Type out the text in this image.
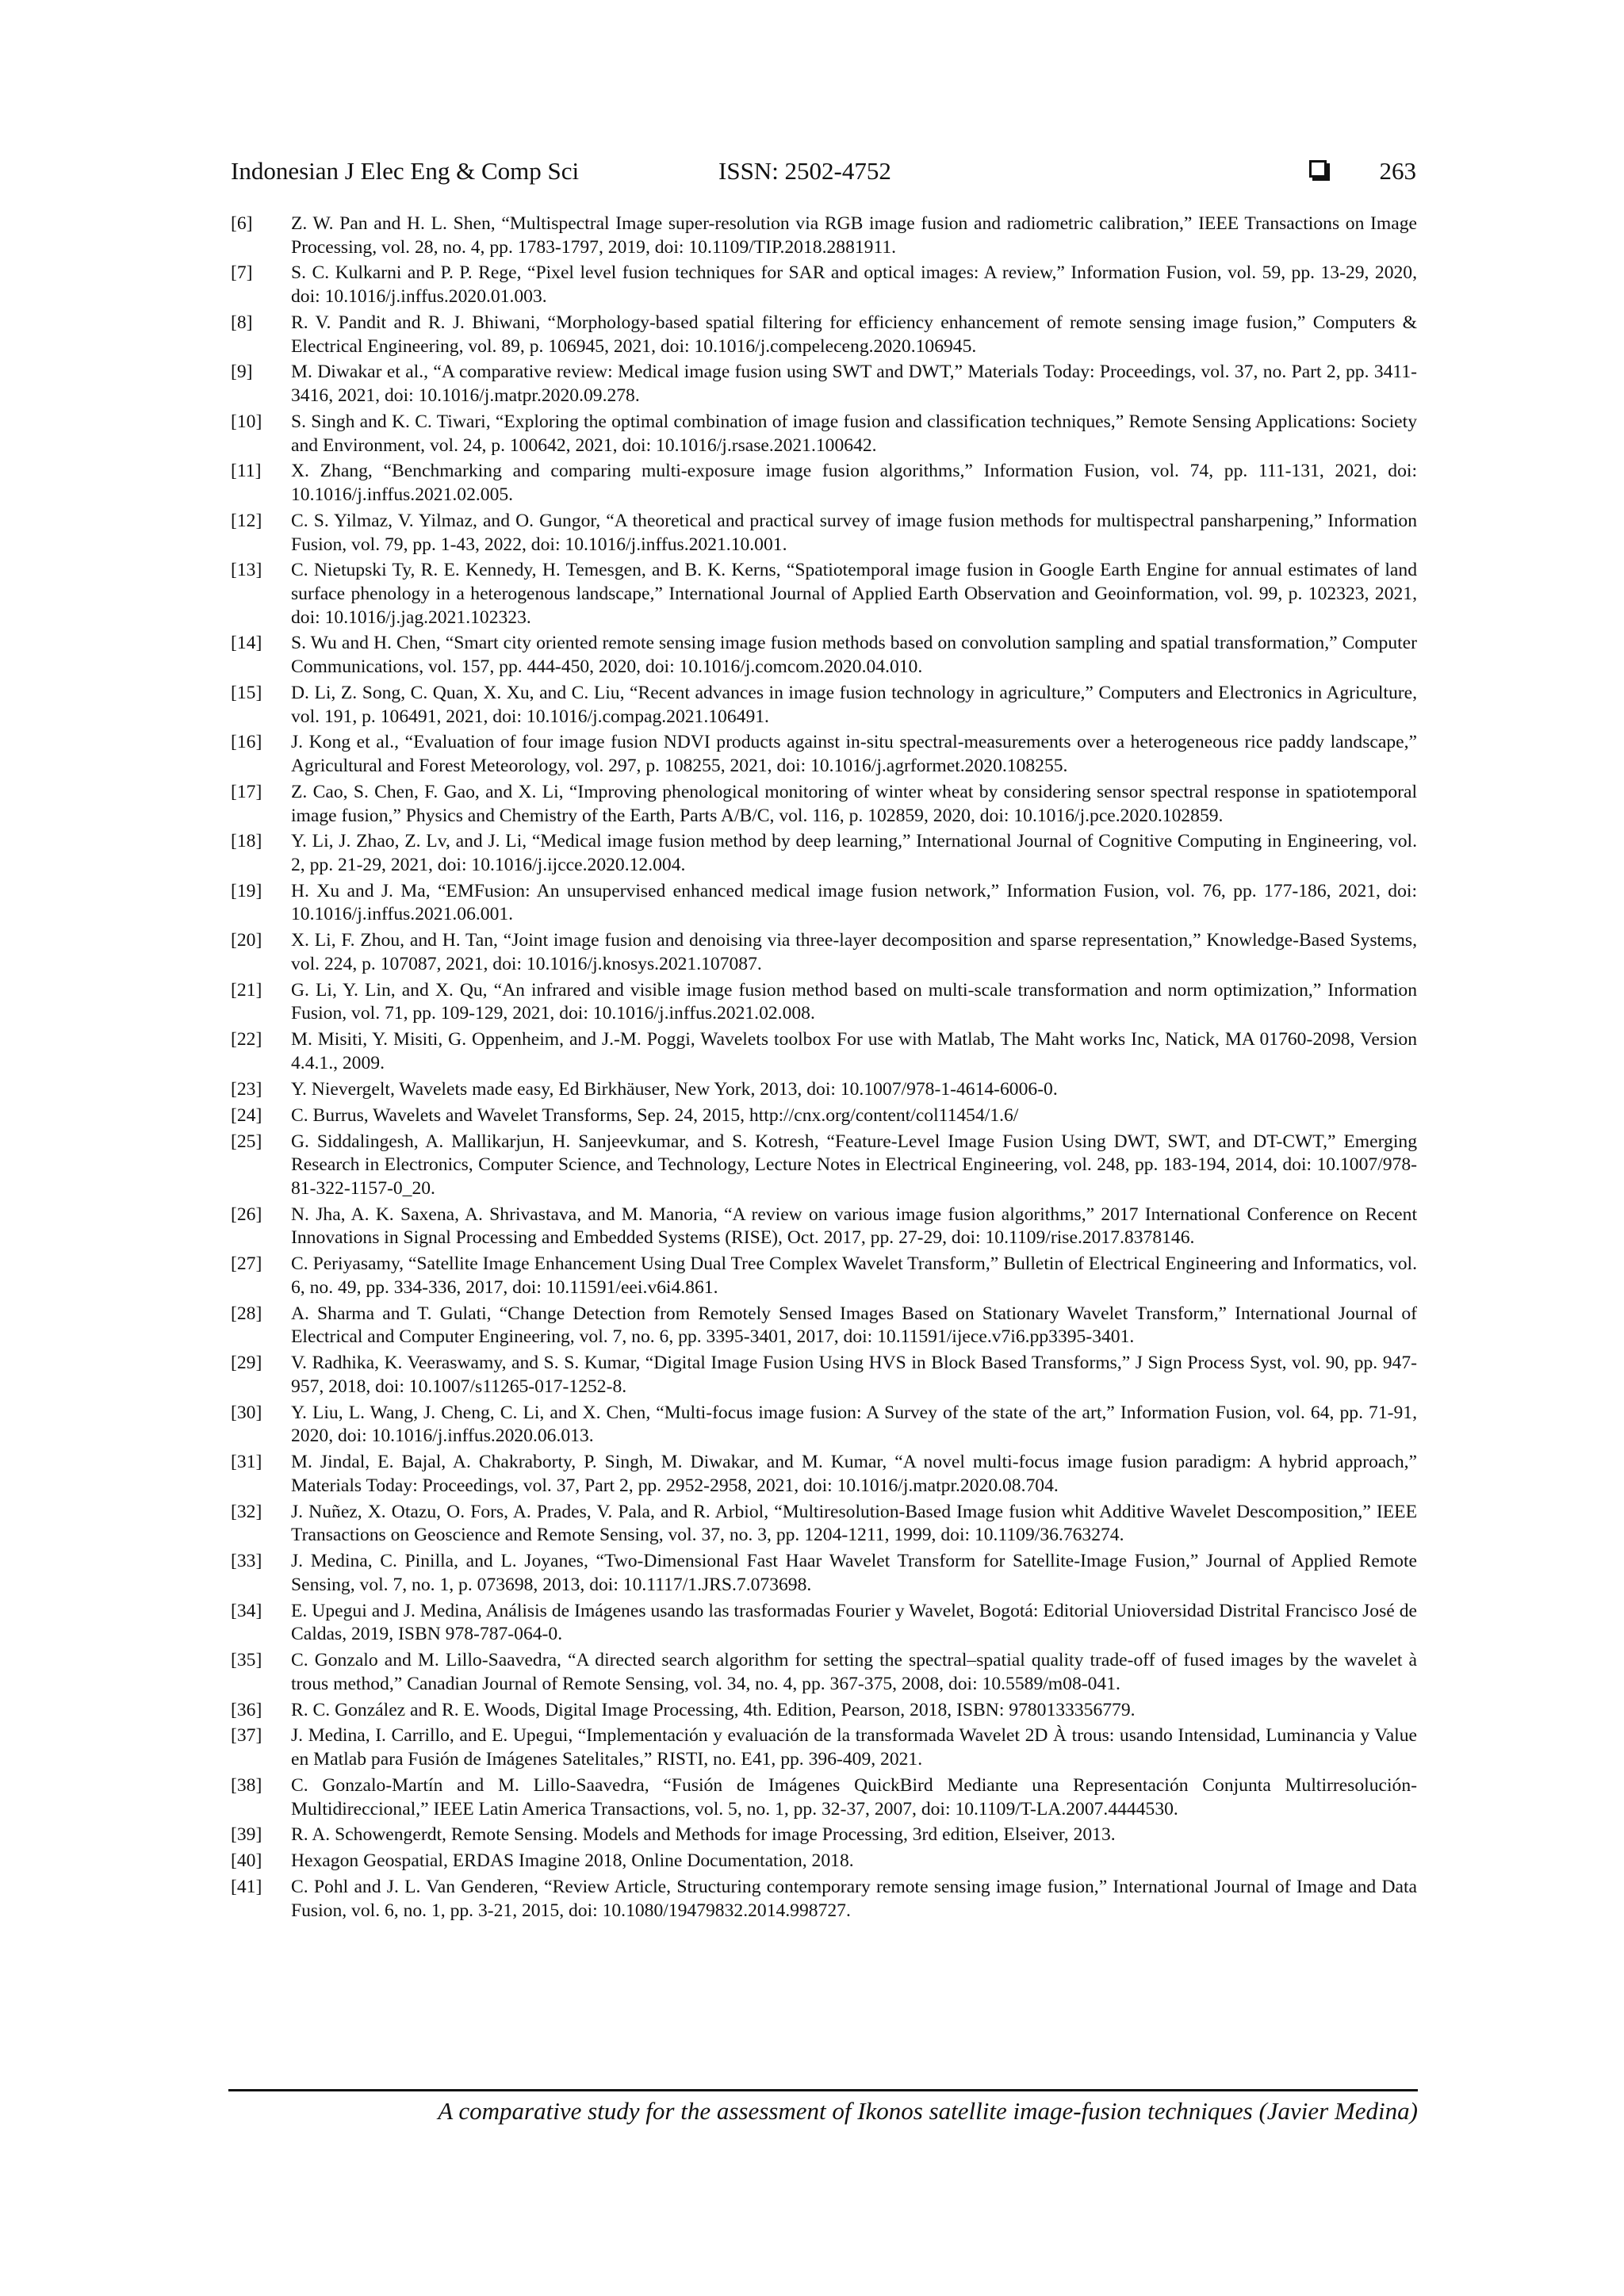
Indonesian J Elec Eng & Comp Sci	ISSN: 2502-4752	263
[6] Z. W. Pan and H. L. Shen, “Multispectral Image super-resolution via RGB image fusion and radiometric calibration,” IEEE Transactions on Image Processing, vol. 28, no. 4, pp. 1783-1797, 2019, doi: 10.1109/TIP.2018.2881911.
[7] S. C. Kulkarni and P. P. Rege, “Pixel level fusion techniques for SAR and optical images: A review,” Information Fusion, vol. 59, pp. 13-29, 2020, doi: 10.1016/j.inffus.2020.01.003.
[8] R. V. Pandit and R. J. Bhiwani, “Morphology-based spatial filtering for efficiency enhancement of remote sensing image fusion,” Computers & Electrical Engineering, vol. 89, p. 106945, 2021, doi: 10.1016/j.compeleceng.2020.106945.
[9] M. Diwakar et al., “A comparative review: Medical image fusion using SWT and DWT,” Materials Today: Proceedings, vol. 37, no. Part 2, pp. 3411-3416, 2021, doi: 10.1016/j.matpr.2020.09.278.
[10] S. Singh and K. C. Tiwari, “Exploring the optimal combination of image fusion and classification techniques,” Remote Sensing Applications: Society and Environment, vol. 24, p. 100642, 2021, doi: 10.1016/j.rsase.2021.100642.
[11] X. Zhang, “Benchmarking and comparing multi-exposure image fusion algorithms,” Information Fusion, vol. 74, pp. 111-131, 2021, doi: 10.1016/j.inffus.2021.02.005.
[12] C. S. Yilmaz, V. Yilmaz, and O. Gungor, “A theoretical and practical survey of image fusion methods for multispectral pansharpening,” Information Fusion, vol. 79, pp. 1-43, 2022, doi: 10.1016/j.inffus.2021.10.001.
[13] C. Nietupski Ty, R. E. Kennedy, H. Temesgen, and B. K. Kerns, “Spatiotemporal image fusion in Google Earth Engine for annual estimates of land surface phenology in a heterogenous landscape,” International Journal of Applied Earth Observation and Geoinformation, vol. 99, p. 102323, 2021, doi: 10.1016/j.jag.2021.102323.
[14] S. Wu and H. Chen, “Smart city oriented remote sensing image fusion methods based on convolution sampling and spatial transformation,” Computer Communications, vol. 157, pp. 444-450, 2020, doi: 10.1016/j.comcom.2020.04.010.
[15] D. Li, Z. Song, C. Quan, X. Xu, and C. Liu, “Recent advances in image fusion technology in agriculture,” Computers and Electronics in Agriculture, vol. 191, p. 106491, 2021, doi: 10.1016/j.compag.2021.106491.
[16] J. Kong et al., “Evaluation of four image fusion NDVI products against in-situ spectral-measurements over a heterogeneous rice paddy landscape,” Agricultural and Forest Meteorology, vol. 297, p. 108255, 2021, doi: 10.1016/j.agrformet.2020.108255.
[17] Z. Cao, S. Chen, F. Gao, and X. Li, “Improving phenological monitoring of winter wheat by considering sensor spectral response in spatiotemporal image fusion,” Physics and Chemistry of the Earth, Parts A/B/C, vol. 116, p. 102859, 2020, doi: 10.1016/j.pce.2020.102859.
[18] Y. Li, J. Zhao, Z. Lv, and J. Li, “Medical image fusion method by deep learning,” International Journal of Cognitive Computing in Engineering, vol. 2, pp. 21-29, 2021, doi: 10.1016/j.ijcce.2020.12.004.
[19] H. Xu and J. Ma, “EMFusion: An unsupervised enhanced medical image fusion network,” Information Fusion, vol. 76, pp. 177-186, 2021, doi: 10.1016/j.inffus.2021.06.001.
[20] X. Li, F. Zhou, and H. Tan, “Joint image fusion and denoising via three-layer decomposition and sparse representation,” Knowledge-Based Systems, vol. 224, p. 107087, 2021, doi: 10.1016/j.knosys.2021.107087.
[21] G. Li, Y. Lin, and X. Qu, “An infrared and visible image fusion method based on multi-scale transformation and norm optimization,” Information Fusion, vol. 71, pp. 109-129, 2021, doi: 10.1016/j.inffus.2021.02.008.
[22] M. Misiti, Y. Misiti, G. Oppenheim, and J.-M. Poggi, Wavelets toolbox For use with Matlab, The Maht works Inc, Natick, MA 01760-2098, Version 4.4.1., 2009.
[23] Y. Nievergelt, Wavelets made easy, Ed Birkhäuser, New York, 2013, doi: 10.1007/978-1-4614-6006-0.
[24] C. Burrus, Wavelets and Wavelet Transforms, Sep. 24, 2015, http://cnx.org/content/col11454/1.6/
[25] G. Siddalingesh, A. Mallikarjun, H. Sanjeevkumar, and S. Kotresh, “Feature-Level Image Fusion Using DWT, SWT, and DT-CWT,” Emerging Research in Electronics, Computer Science, and Technology, Lecture Notes in Electrical Engineering, vol. 248, pp. 183-194, 2014, doi: 10.1007/978-81-322-1157-0_20.
[26] N. Jha, A. K. Saxena, A. Shrivastava, and M. Manoria, “A review on various image fusion algorithms,” 2017 International Conference on Recent Innovations in Signal Processing and Embedded Systems (RISE), Oct. 2017, pp. 27-29, doi: 10.1109/rise.2017.8378146.
[27] C. Periyasamy, “Satellite Image Enhancement Using Dual Tree Complex Wavelet Transform,” Bulletin of Electrical Engineering and Informatics, vol. 6, no. 49, pp. 334-336, 2017, doi: 10.11591/eei.v6i4.861.
[28] A. Sharma and T. Gulati, “Change Detection from Remotely Sensed Images Based on Stationary Wavelet Transform,” International Journal of Electrical and Computer Engineering, vol. 7, no. 6, pp. 3395-3401, 2017, doi: 10.11591/ijece.v7i6.pp3395-3401.
[29] V. Radhika, K. Veeraswamy, and S. S. Kumar, “Digital Image Fusion Using HVS in Block Based Transforms,” J Sign Process Syst, vol. 90, pp. 947-957, 2018, doi: 10.1007/s11265-017-1252-8.
[30] Y. Liu, L. Wang, J. Cheng, C. Li, and X. Chen, “Multi-focus image fusion: A Survey of the state of the art,” Information Fusion, vol. 64, pp. 71-91, 2020, doi: 10.1016/j.inffus.2020.06.013.
[31] M. Jindal, E. Bajal, A. Chakraborty, P. Singh, M. Diwakar, and M. Kumar, “A novel multi-focus image fusion paradigm: A hybrid approach,” Materials Today: Proceedings, vol. 37, Part 2, pp. 2952-2958, 2021, doi: 10.1016/j.matpr.2020.08.704.
[32] J. Nuñez, X. Otazu, O. Fors, A. Prades, V. Pala, and R. Arbiol, “Multiresolution-Based Image fusion whit Additive Wavelet Descomposition,” IEEE Transactions on Geoscience and Remote Sensing, vol. 37, no. 3, pp. 1204-1211, 1999, doi: 10.1109/36.763274.
[33] J. Medina, C. Pinilla, and L. Joyanes, “Two-Dimensional Fast Haar Wavelet Transform for Satellite-Image Fusion,” Journal of Applied Remote Sensing, vol. 7, no. 1, p. 073698, 2013, doi: 10.1117/1.JRS.7.073698.
[34] E. Upegui and J. Medina, Análisis de Imágenes usando las trasformadas Fourier y Wavelet, Bogotá: Editorial Unioversidad Distrital Francisco José de Caldas, 2019, ISBN 978-787-064-0.
[35] C. Gonzalo and M. Lillo-Saavedra, “A directed search algorithm for setting the spectral–spatial quality trade-off of fused images by the wavelet à trous method,” Canadian Journal of Remote Sensing, vol. 34, no. 4, pp. 367-375, 2008, doi: 10.5589/m08-041.
[36] R. C. González and R. E. Woods, Digital Image Processing, 4th. Edition, Pearson, 2018, ISBN: 9780133356779.
[37] J. Medina, I. Carrillo, and E. Upegui, “Implementación y evaluación de la transformada Wavelet 2D À trous: usando Intensidad, Luminancia y Value en Matlab para Fusión de Imágenes Satelitales,” RISTI, no. E41, pp. 396-409, 2021.
[38] C. Gonzalo-Martín and M. Lillo-Saavedra, “Fusión de Imágenes QuickBird Mediante una Representación Conjunta Multirresolución-Multidireccional,” IEEE Latin America Transactions, vol. 5, no. 1, pp. 32-37, 2007, doi: 10.1109/T-LA.2007.4444530.
[39] R. A. Schowengerdt, Remote Sensing. Models and Methods for image Processing, 3rd edition, Elseiver, 2013.
[40] Hexagon Geospatial, ERDAS Imagine 2018, Online Documentation, 2018.
[41] C. Pohl and J. L. Van Genderen, “Review Article, Structuring contemporary remote sensing image fusion,” International Journal of Image and Data Fusion, vol. 6, no. 1, pp. 3-21, 2015, doi: 10.1080/19479832.2014.998727.
A comparative study for the assessment of Ikonos satellite image-fusion techniques (Javier Medina)
